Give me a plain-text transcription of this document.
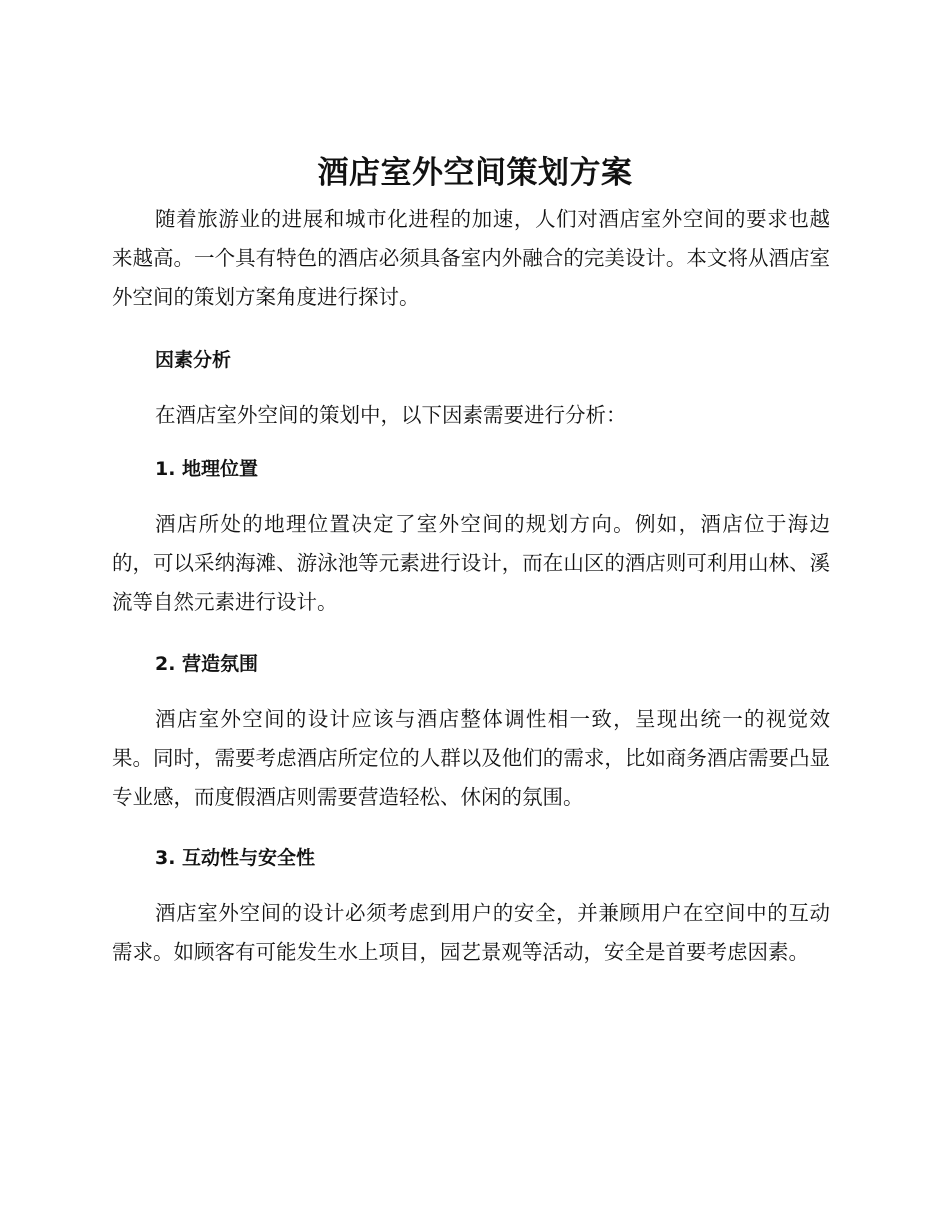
酒店室外空间策划方案

随着旅游业的进展和城市化进程的加速，人们对酒店室外空间的要求也越来越高。一个具有特色的酒店必须具备室内外融合的完美设计。本文将从酒店室外空间的策划方案角度进行探讨。

因素分析

在酒店室外空间的策划中，以下因素需要进行分析：

1. 地理位置

酒店所处的地理位置决定了室外空间的规划方向。例如，酒店位于海边的，可以采纳海滩、游泳池等元素进行设计，而在山区的酒店则可利用山林、溪流等自然元素进行设计。

2. 营造氛围

酒店室外空间的设计应该与酒店整体调性相一致，呈现出统一的视觉效果。同时，需要考虑酒店所定位的人群以及他们的需求，比如商务酒店需要凸显专业感，而度假酒店则需要营造轻松、休闲的氛围。

3. 互动性与安全性

酒店室外空间的设计必须考虑到用户的安全，并兼顾用户在空间中的互动需求。如顾客有可能发生水上项目，园艺景观等活动，安全是首要考虑因素。
